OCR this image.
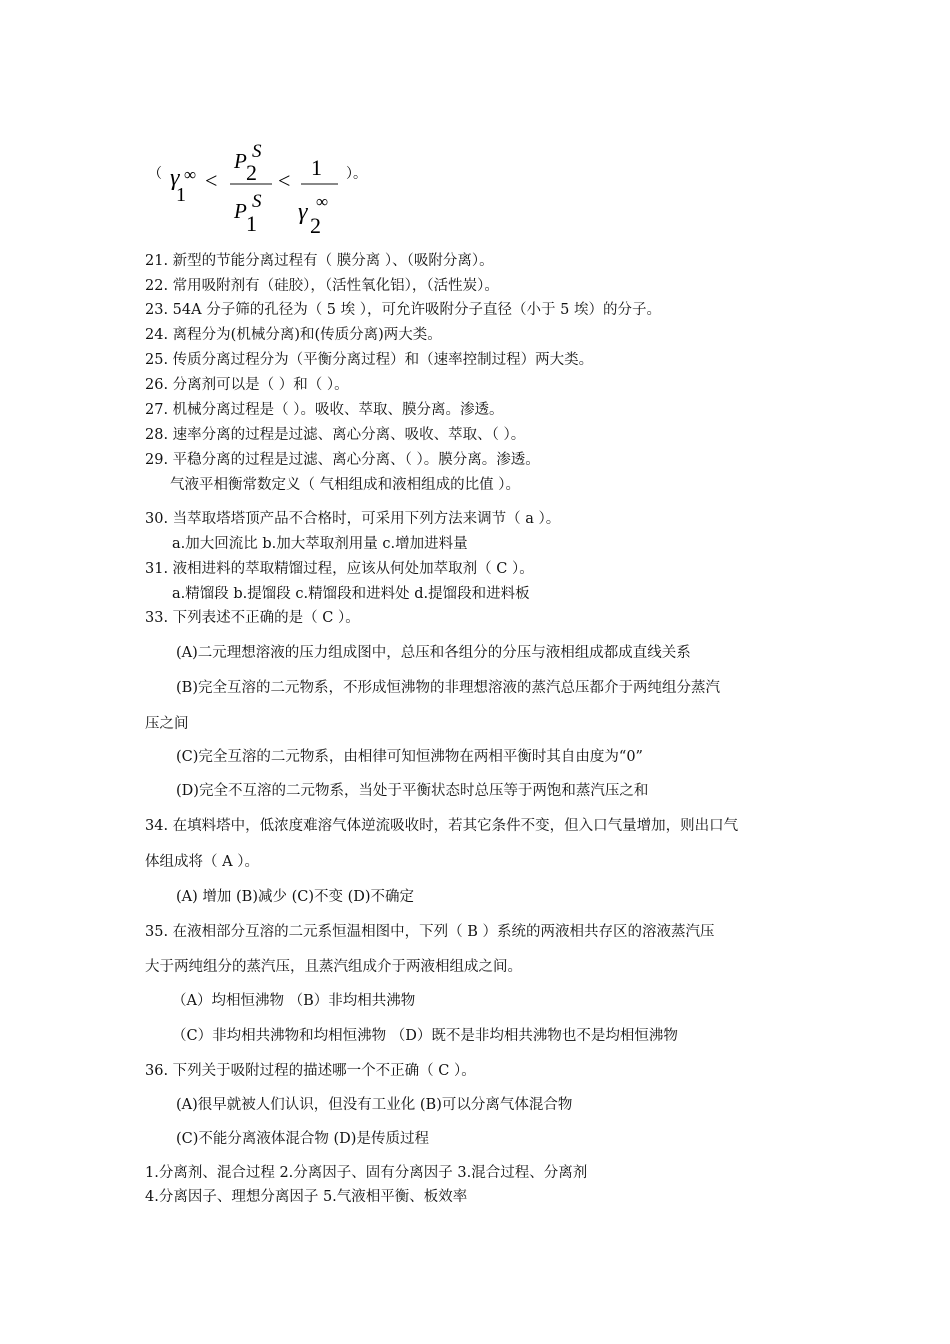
（ γ
1
∞ <
P 2
S
P 1
S
<
1
γ
2
∞
）。
21. 新型的节能分离过程有（ 膜分离 ）、（吸附分离）。
22. 常用吸附剂有（硅胶），（活性氧化铝），（活性炭）。
23. 54A 分子筛的孔径为（ 5 埃 ），可允许吸附分子直径（小于 5 埃）的分子。
24. 离程分为(机械分离)和(传质分离)两大类。
25. 传质分离过程分为（平衡分离过程）和（速率控制过程）两大类。
26. 分离剂可以是（ ）和（ ）。
27. 机械分离过程是（ ）。吸收、萃取、膜分离。渗透。
28. 速率分离的过程是过滤、离心分离、吸收、萃取、（ ）。
29. 平稳分离的过程是过滤、离心分离、（ ）。膜分离。渗透。
气液平相衡常数定义（ 气相组成和液相组成的比值 ）。
30. 当萃取塔塔顶产品不合格时，可采用下列方法来调节（ a ）。
a.加大回流比 b.加大萃取剂用量 c.增加进料量
31. 液相进料的萃取精馏过程，应该从何处加萃取剂（ C ）。
a.精馏段 b.提馏段 c.精馏段和进料处 d.提馏段和进料板
33. 下列表述不正确的是（ C ）。
(A)二元理想溶液的压力组成图中，总压和各组分的分压与液相组成都成直线关系
(B)完全互溶的二元物系，不形成恒沸物的非理想溶液的蒸汽总压都介于两纯组分蒸汽
压之间
(C)完全互溶的二元物系，由相律可知恒沸物在两相平衡时其自由度为“0”
(D)完全不互溶的二元物系，当处于平衡状态时总压等于两饱和蒸汽压之和
34. 在填料塔中，低浓度难溶气体逆流吸收时，若其它条件不变，但入口气量增加，则出口气
体组成将（ A ）。
(A) 增加 (B)减少 (C)不变 (D)不确定
35. 在液相部分互溶的二元系恒温相图中，下列（ B ）系统的两液相共存区的溶液蒸汽压
大于两纯组分的蒸汽压，且蒸汽组成介于两液相组成之间。
（A）均相恒沸物 （B）非均相共沸物
（C）非均相共沸物和均相恒沸物 （D）既不是非均相共沸物也不是均相恒沸物
36. 下列关于吸附过程的描述哪一个不正确（ C ）。
(A)很早就被人们认识，但没有工业化 (B)可以分离气体混合物
(C)不能分离液体混合物 (D)是传质过程
1.分离剂、混合过程 2.分离因子、固有分离因子 3.混合过程、分离剂
4.分离因子、理想分离因子 5.气液相平衡、板效率
